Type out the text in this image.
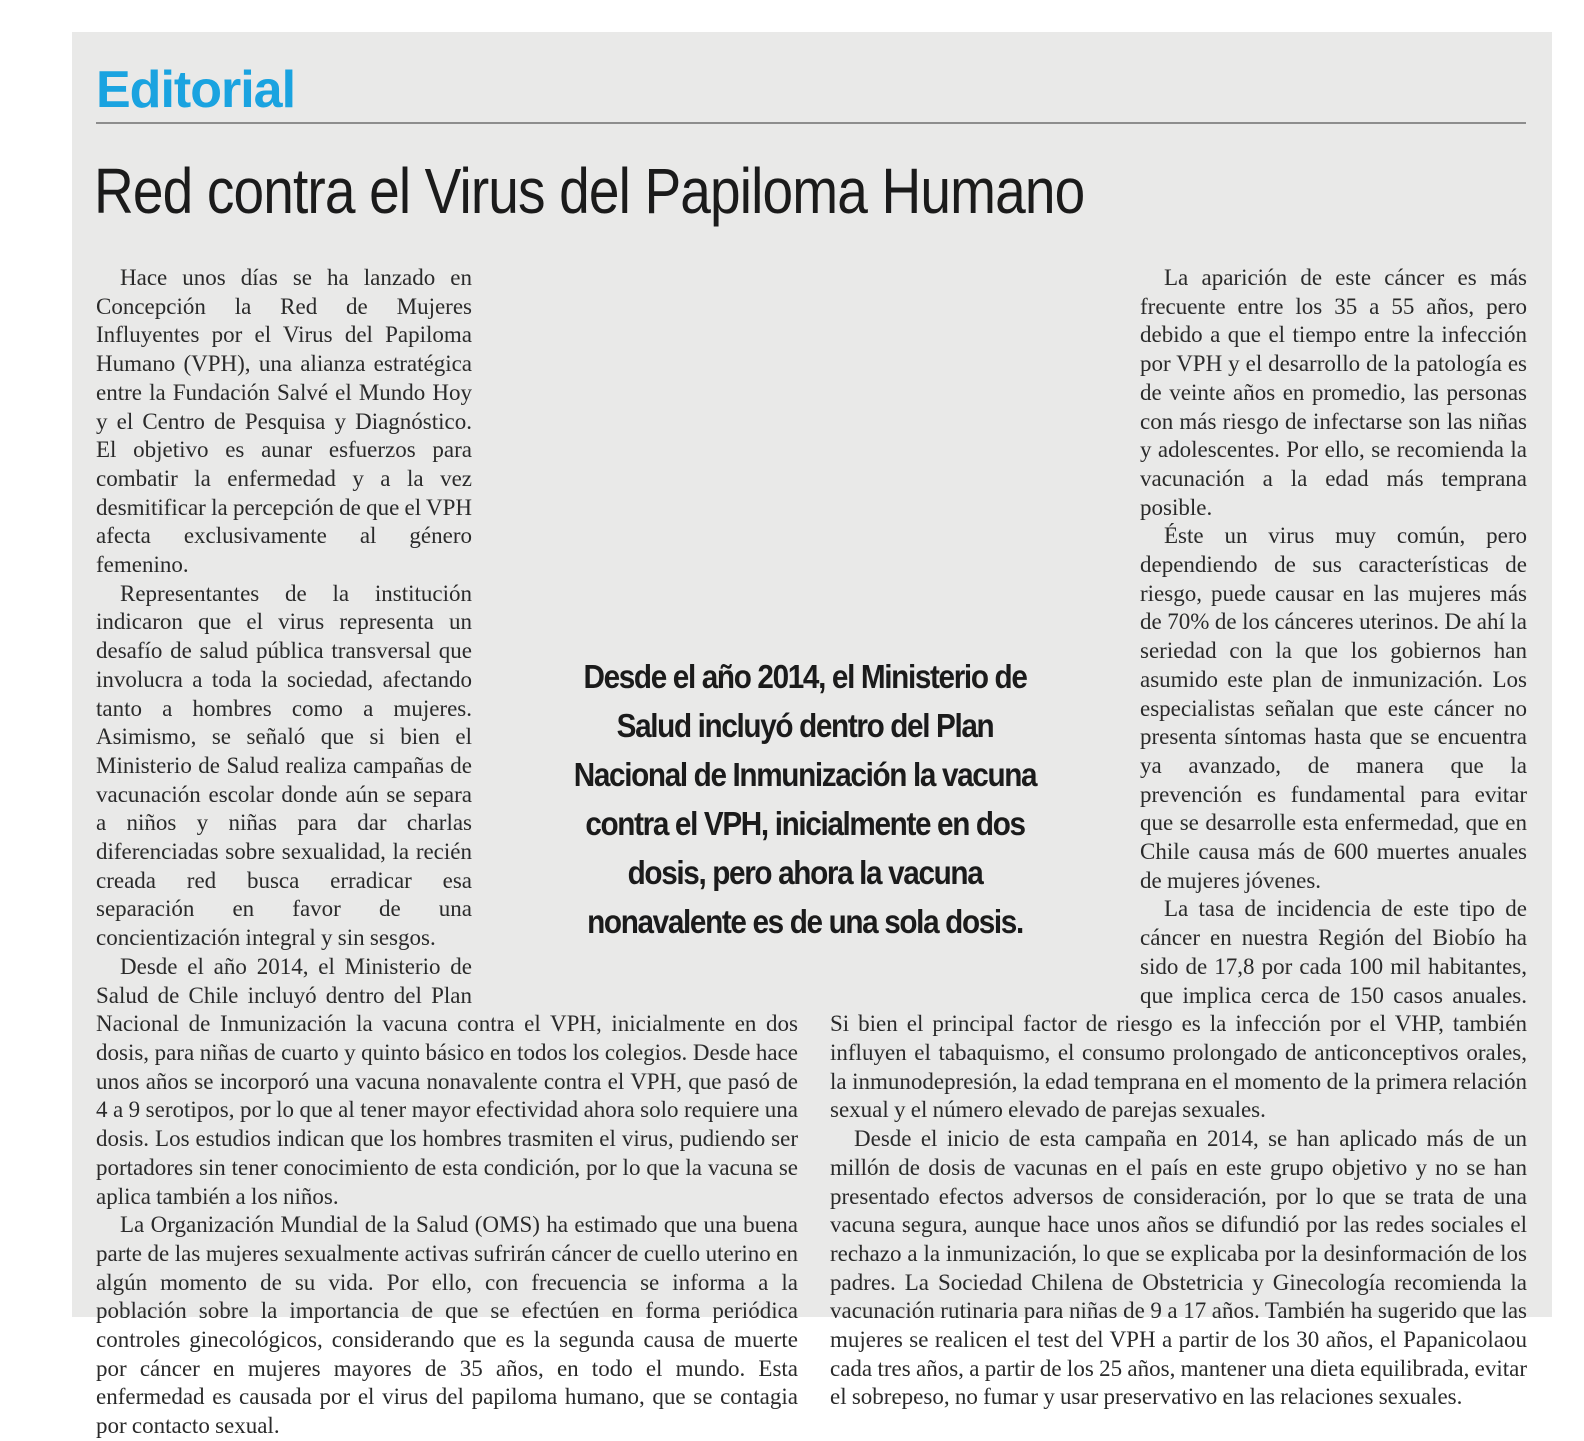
Editorial
Red contra el Virus del Papiloma Humano

Hace unos días se ha lanzado en Concepción la Red de Mujeres Influyentes por el Virus del Papiloma Humano (VPH), una alianza estratégica entre la Fundación Salvé el Mundo Hoy y el Centro de Pesquisa y Diagnóstico. El objetivo es aunar esfuerzos para combatir la enfermedad y a la vez desmitificar la percepción de que el VPH afecta exclusivamente al género femenino.

Representantes de la institución indicaron que el virus representa un desafío de salud pública transversal que involucra a toda la sociedad, afectando tanto a hombres como a mujeres. Asimismo, se señaló que si bien el Ministerio de Salud realiza campañas de vacunación escolar donde aún se separa a niños y niñas para dar charlas diferenciadas sobre sexualidad, la recién creada red busca erradicar esa separación en favor de una concientización integral y sin sesgos.

Desde el año 2014, el Ministerio de Salud de Chile incluyó dentro del Plan Nacional de Inmunización la vacuna contra el VPH, inicialmente en dos dosis, para niñas de cuarto y quinto básico en todos los colegios. Desde hace unos años se incorporó una vacuna nonavalente contra el VPH, que pasó de 4 a 9 serotipos, por lo que al tener mayor efectividad ahora solo requiere una dosis. Los estudios indican que los hombres trasmiten el virus, pudiendo ser portadores sin tener conocimiento de esta condición, por lo que la vacuna se aplica también a los niños.

La Organización Mundial de la Salud (OMS) ha estimado que una buena parte de las mujeres sexualmente activas sufrirán cáncer de cuello uterino en algún momento de su vida. Por ello, con frecuencia se informa a la población sobre la importancia de que se efectúen en forma periódica controles ginecológicos, considerando que es la segunda causa de muerte por cáncer en mujeres mayores de 35 años, en todo el mundo. Esta enfermedad es causada por el virus del papiloma humano, que se contagia por contacto sexual.

La aparición de este cáncer es más frecuente entre los 35 a 55 años, pero debido a que el tiempo entre la infección por VPH y el desarrollo de la patología es de veinte años en promedio, las personas con más riesgo de infectarse son las niñas y adolescentes. Por ello, se recomienda la vacunación a la edad más temprana posible.

Éste un virus muy común, pero dependiendo de sus características de riesgo, puede causar en las mujeres más de 70% de los cánceres uterinos. De ahí la seriedad con la que los gobiernos han asumido este plan de inmunización. Los especialistas señalan que este cáncer no presenta síntomas hasta que se encuentra ya avanzado, de manera que la prevención es fundamental para evitar que se desarrolle esta enfermedad, que en Chile causa más de 600 muertes anuales de mujeres jóvenes.

La tasa de incidencia de este tipo de cáncer en nuestra Región del Biobío ha sido de 17,8 por cada 100 mil habitantes, que implica cerca de 150 casos anuales. Si bien el principal factor de riesgo es la infección por el VHP, también influyen el tabaquismo, el consumo prolongado de anticonceptivos orales, la inmunodepresión, la edad temprana en el momento de la primera relación sexual y el número elevado de parejas sexuales.

Desde el inicio de esta campaña en 2014, se han aplicado más de un millón de dosis de vacunas en el país en este grupo objetivo y no se han presentado efectos adversos de consideración, por lo que se trata de una vacuna segura, aunque hace unos años se difundió por las redes sociales el rechazo a la inmunización, lo que se explicaba por la desinformación de los padres. La Sociedad Chilena de Obstetricia y Ginecología recomienda la vacunación rutinaria para niñas de 9 a 17 años. También ha sugerido que las mujeres se realicen el test del VPH a partir de los 30 años, el Papanicolaou cada tres años, a partir de los 25 años, mantener una dieta equilibrada, evitar el sobrepeso, no fumar y usar preservativo en las relaciones sexuales.

Desde el año 2014, el Ministerio de Salud incluyó dentro del Plan Nacional de Inmunización la vacuna contra el VPH, inicialmente en dos dosis, pero ahora la vacuna nonavalente es de una sola dosis.
